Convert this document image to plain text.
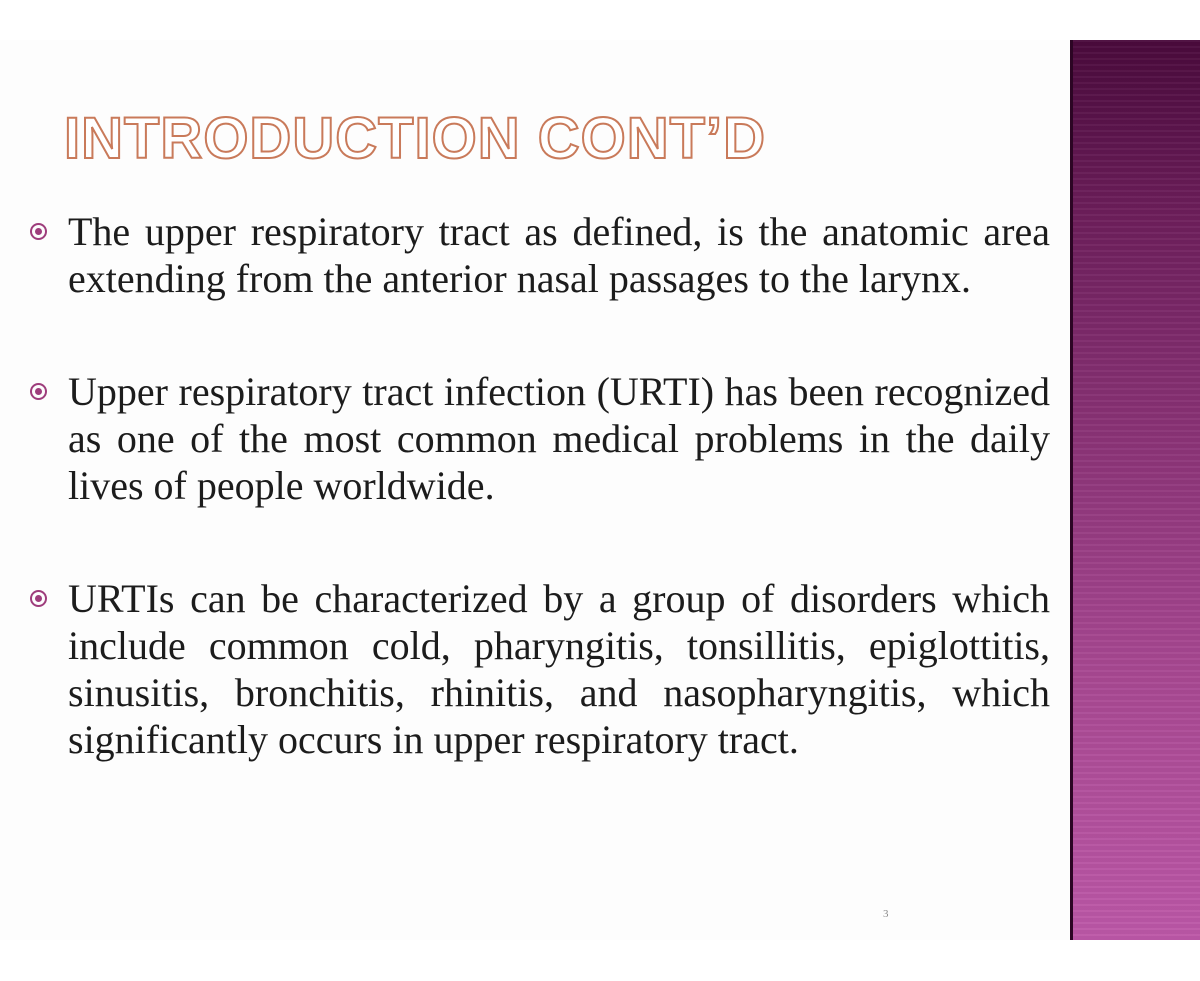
INTRODUCTION CONT’D
The upper respiratory tract as defined, is the anatomic area extending from the anterior nasal passages to the larynx.
Upper respiratory tract infection (URTI) has been recognized as one of the most common medical problems in the daily lives of people worldwide.
URTIs can be characterized by a group of disorders which include common cold, pharyngitis, tonsillitis, epiglottitis, sinusitis, bronchitis, rhinitis, and nasopharyngitis, which significantly occurs in upper respiratory tract.
3
